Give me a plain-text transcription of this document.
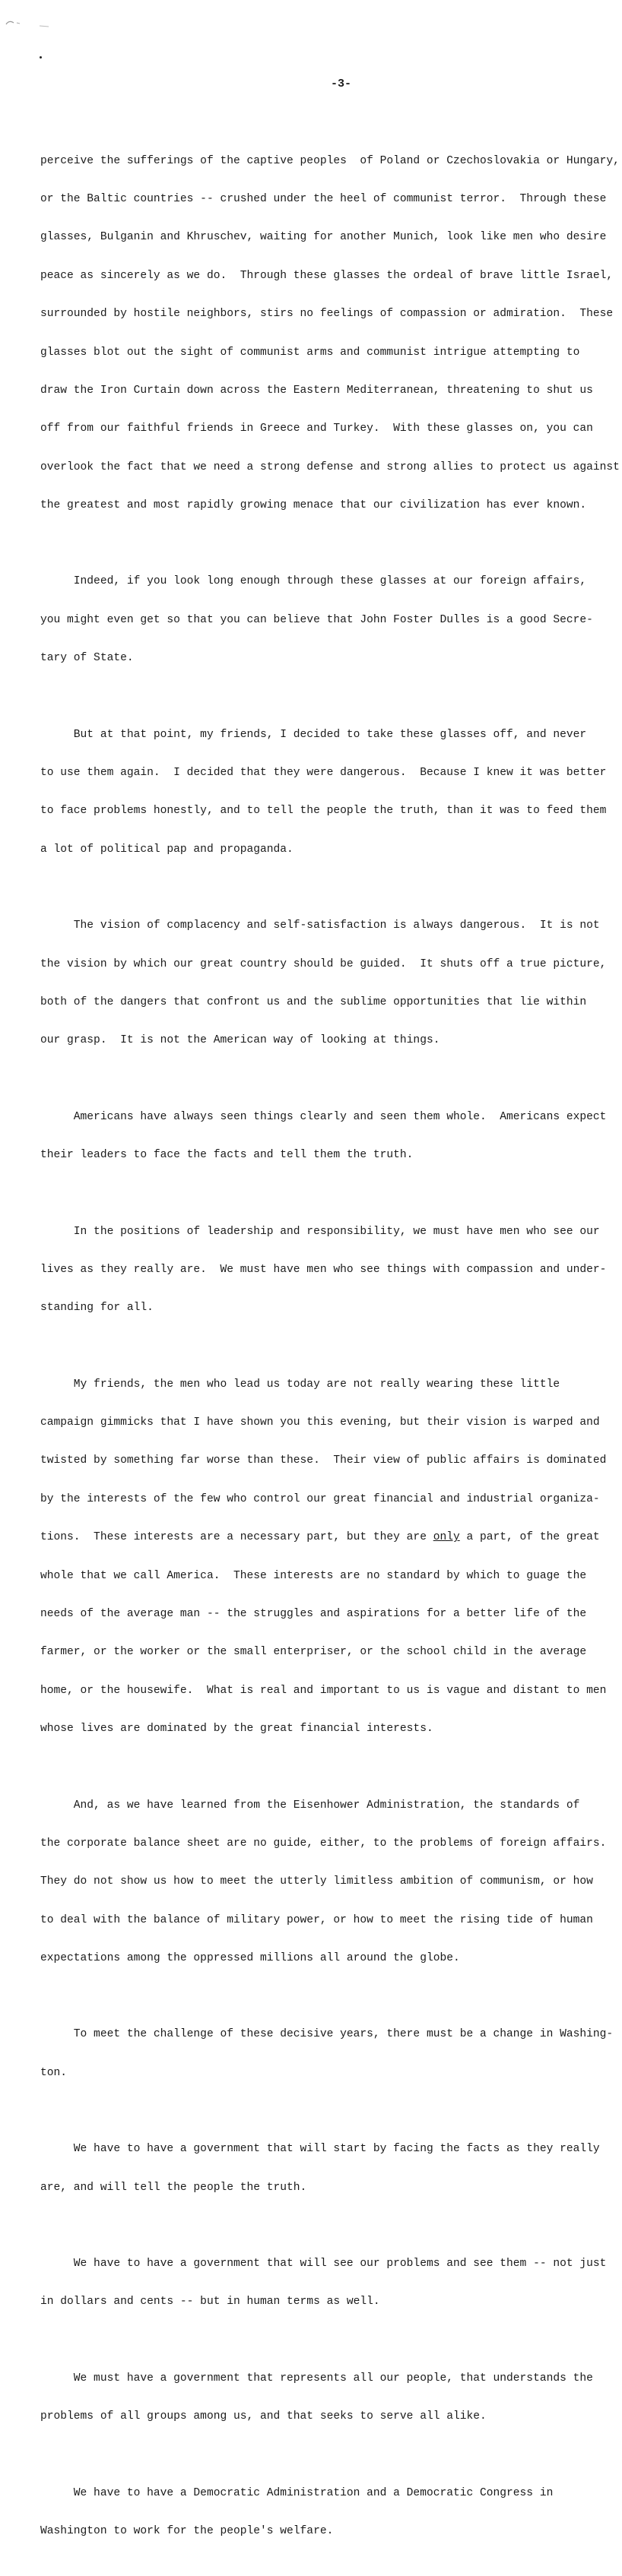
-3-

perceive the sufferings of the captive peoples  of Poland or Czechoslovakia or Hungary,

or the Baltic countries -- crushed under the heel of communist terror.  Through these

glasses, Bulganin and Khruschev, waiting for another Munich, look like men who desire

peace as sincerely as we do.  Through these glasses the ordeal of brave little Israel,

surrounded by hostile neighbors, stirs no feelings of compassion or admiration.  These

glasses blot out the sight of communist arms and communist intrigue attempting to

draw the Iron Curtain down across the Eastern Mediterranean, threatening to shut us

off from our faithful friends in Greece and Turkey.  With these glasses on, you can

overlook the fact that we need a strong defense and strong allies to protect us against

the greatest and most rapidly growing menace that our civilization has ever known.

Indeed, if you look long enough through these glasses at our foreign affairs,

you might even get so that you can believe that John Foster Dulles is a good Secre-

tary of State.

But at that point, my friends, I decided to take these glasses off, and never

to use them again.  I decided that they were dangerous.  Because I knew it was better

to face problems honestly, and to tell the people the truth, than it was to feed them

a lot of political pap and propaganda.

The vision of complacency and self-satisfaction is always dangerous.  It is not

the vision by which our great country should be guided.  It shuts off a true picture,

both of the dangers that confront us and the sublime opportunities that lie within

our grasp.  It is not the American way of looking at things.

Americans have always seen things clearly and seen them whole.  Americans expect

their leaders to face the facts and tell them the truth.

In the positions of leadership and responsibility, we must have men who see our

lives as they really are.  We must have men who see things with compassion and under-

standing for all.

My friends, the men who lead us today are not really wearing these little

campaign gimmicks that I have shown you this evening, but their vision is warped and

twisted by something far worse than these.  Their view of public affairs is dominated

by the interests of the few who control our great financial and industrial organiza-

tions.  These interests are a necessary part, but they are only a part, of the great

whole that we call America.  These interests are no standard by which to guage the

needs of the average man -- the struggles and aspirations for a better life of the

farmer, or the worker or the small enterpriser, or the school child in the average

home, or the housewife.  What is real and important to us is vague and distant to men

whose lives are dominated by the great financial interests.

And, as we have learned from the Eisenhower Administration, the standards of

the corporate balance sheet are no guide, either, to the problems of foreign affairs.

They do not show us how to meet the utterly limitless ambition of communism, or how

to deal with the balance of military power, or how to meet the rising tide of human

expectations among the oppressed millions all around the globe.

To meet the challenge of these decisive years, there must be a change in Washing-

ton.

We have to have a government that will start by facing the facts as they really

are, and will tell the people the truth.

We have to have a government that will see our problems and see them -- not just

in dollars and cents -- but in human terms as well.

We must have a government that represents all our people, that understands the

problems of all groups among us, and that seeks to serve all alike.

We have to have a Democratic Administration and a Democratic Congress in

Washington to work for the people's welfare.
